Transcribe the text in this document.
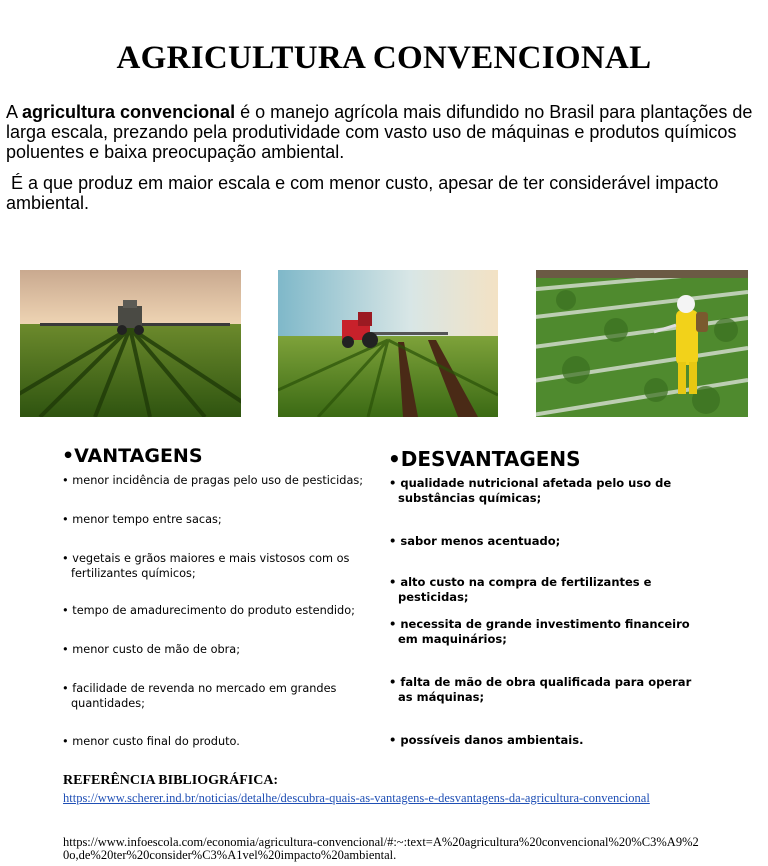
AGRICULTURA CONVENCIONAL

A agricultura convencional é o manejo agrícola mais difundido no Brasil para plantações de larga escala, prezando pela produtividade com vasto uso de máquinas e produtos químicos poluentes e baixa preocupação ambiental.

É a que produz em maior escala e com menor custo, apesar de ter considerável impacto ambiental.

•VANTAGENS
• menor incidência de pragas pelo uso de pesticidas;
• menor tempo entre sacas;
• vegetais e grãos maiores e mais vistosos com os fertilizantes químicos;
• tempo de amadurecimento do produto estendido;
• menor custo de mão de obra;
• facilidade de revenda no mercado em grandes quantidades;
• menor custo final do produto.
•DESVANTAGENS
• qualidade nutricional afetada pelo uso de substâncias químicas;
• sabor menos acentuado;
• alto custo na compra de fertilizantes e pesticidas;
• necessita de grande investimento financeiro em maquinários;
• falta de mão de obra qualificada para operar as máquinas;
• possíveis danos ambientais.
REFERÊNCIA BIBLIOGRÁFICA:
https://www.scherer.ind.br/noticias/detalhe/descubra-quais-as-vantagens-e-desvantagens-da-agricultura-convencional

https://www.infoescola.com/economia/agricultura-convencional/#:~:text=A%20agricultura%20convencional%20%C3%A9%20o,de%20ter%20consider%C3%A1vel%20impacto%20ambiental.
